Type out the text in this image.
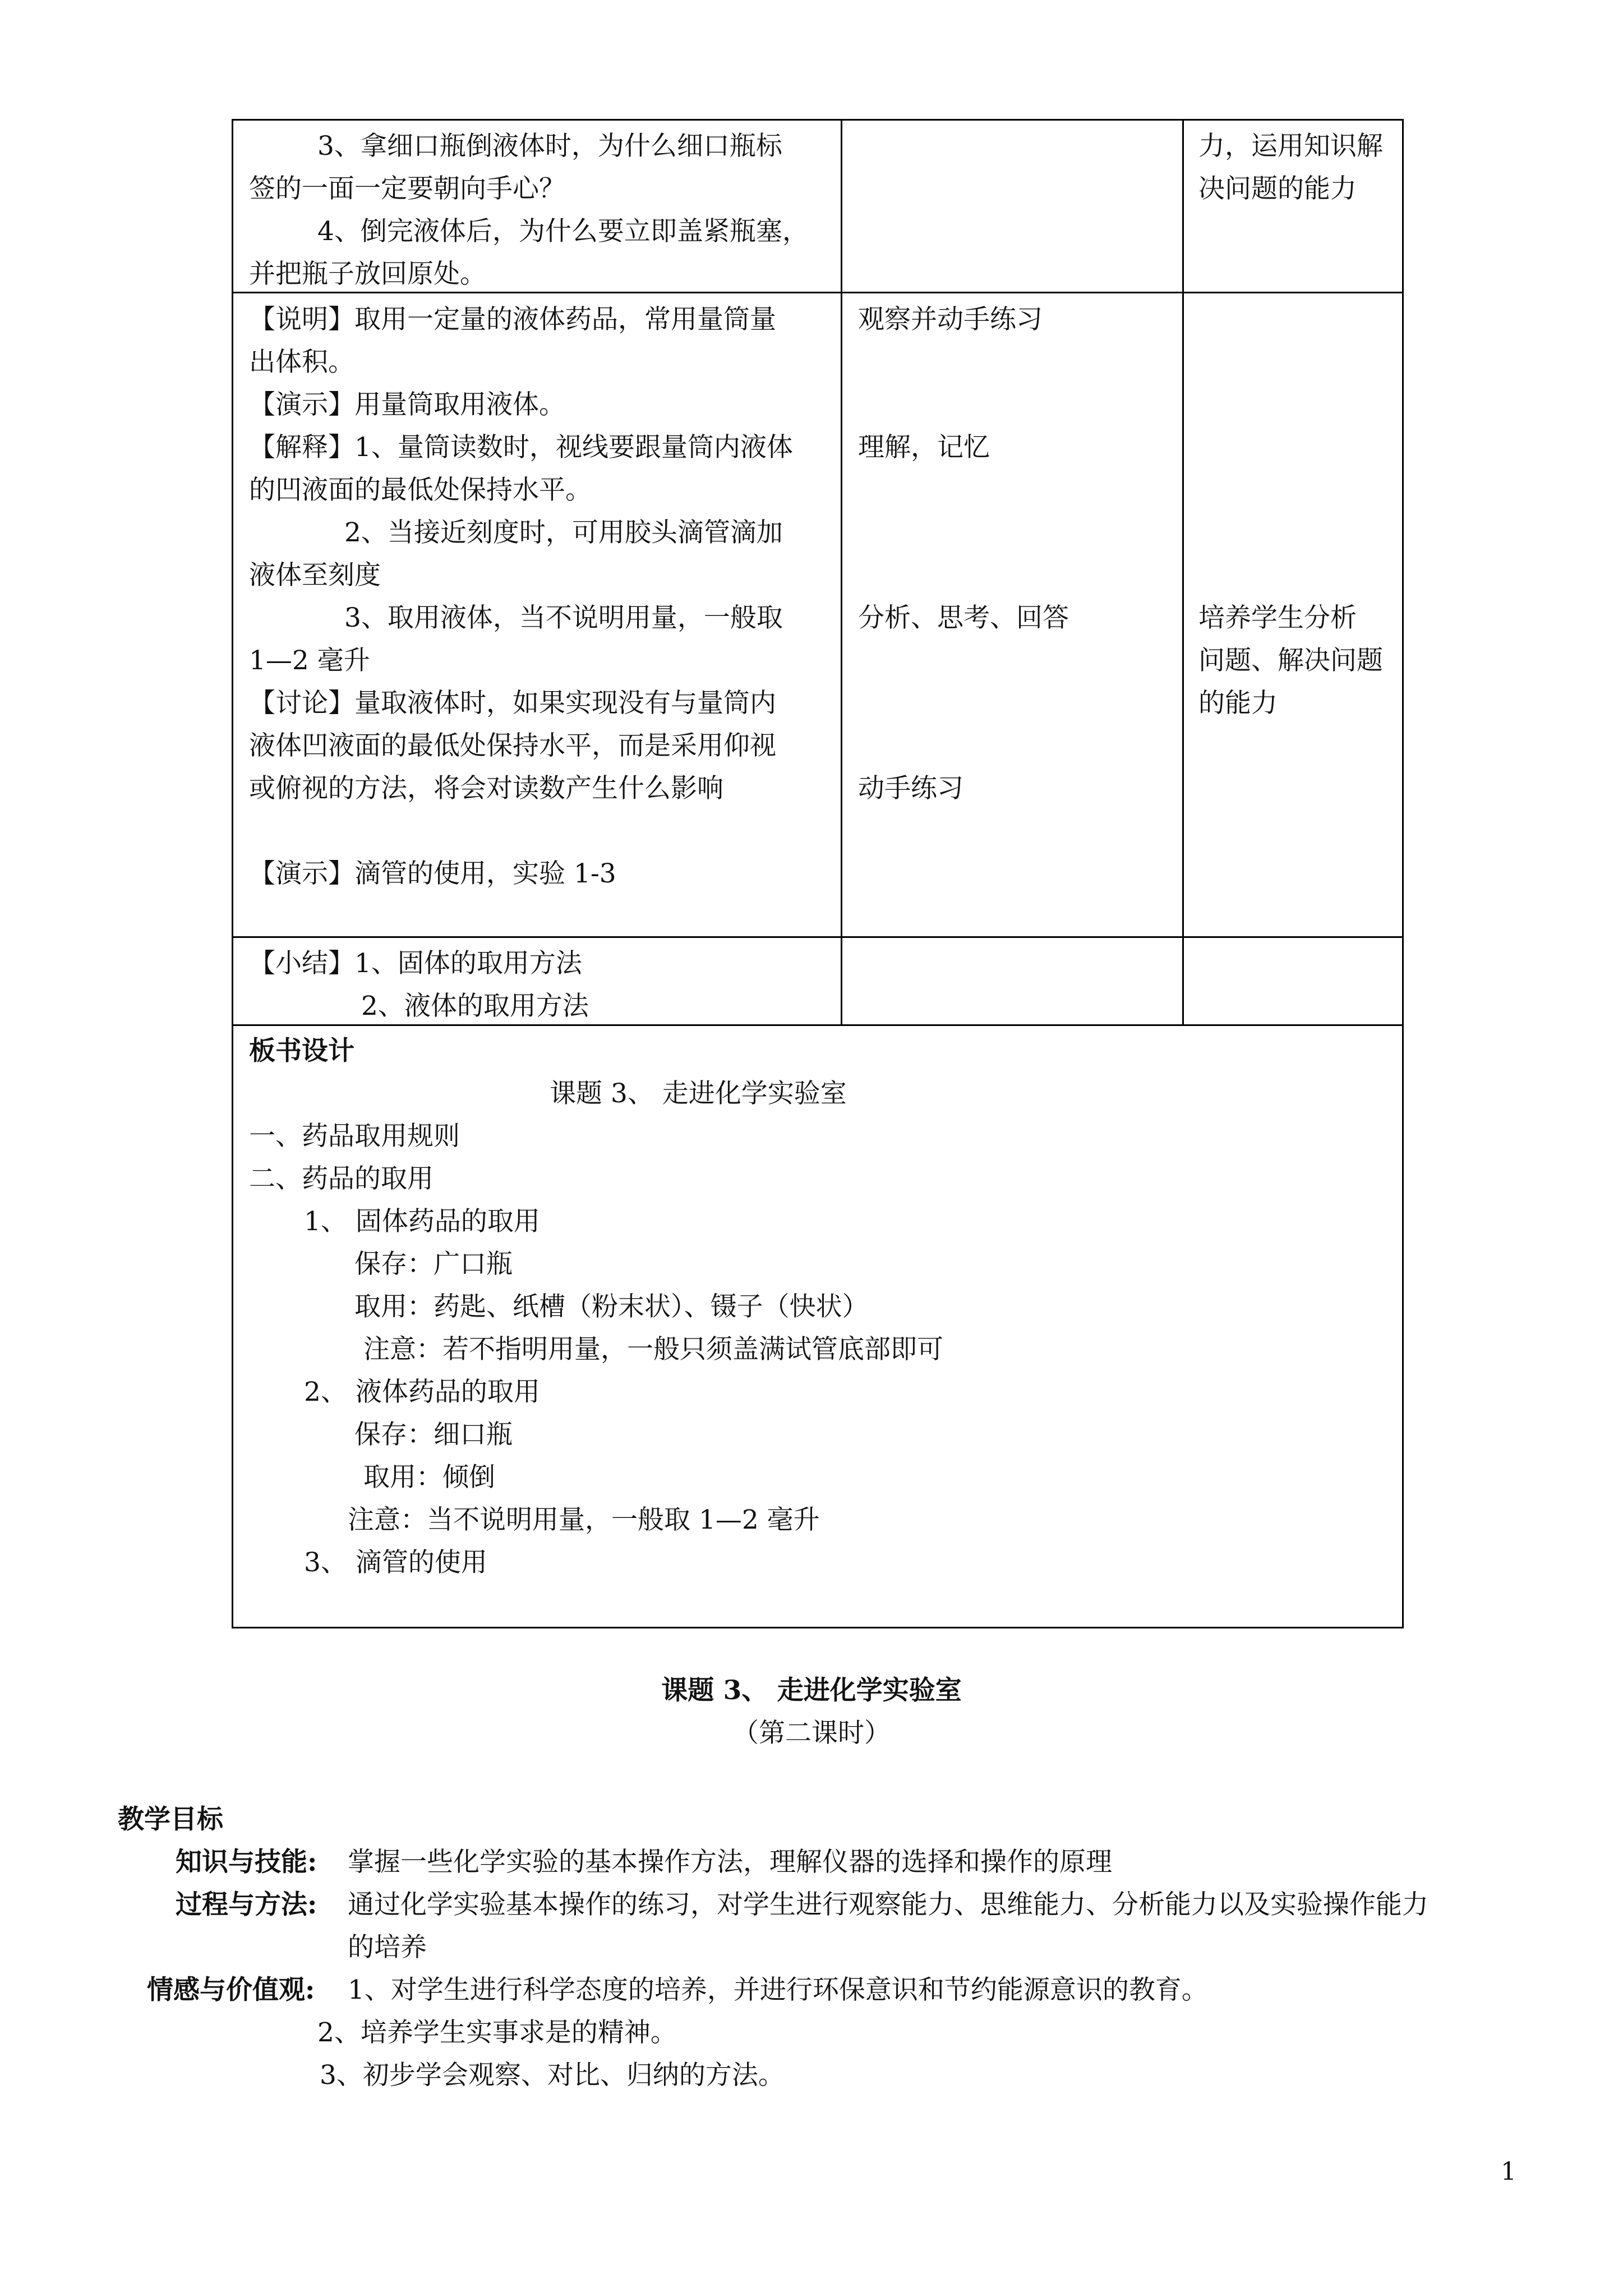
3、拿细口瓶倒液体时，为什么细口瓶标
签的一面一定要朝向手心？
4、倒完液体后，为什么要立即盖紧瓶塞，
并把瓶子放回原处。
力，运用知识解
决问题的能力
【说明】取用一定量的液体药品，常用量筒量
出体积。
【演示】用量筒取用液体。
【解释】1、量筒读数时，视线要跟量筒内液体
的凹液面的最低处保持水平。
2、当接近刻度时，可用胶头滴管滴加
液体至刻度
3、取用液体，当不说明用量，一般取
1—2 毫升
【讨论】量取液体时，如果实现没有与量筒内
液体凹液面的最低处保持水平，而是采用仰视
或俯视的方法，将会对读数产生什么影响
【演示】滴管的使用，实验 1-3
观察并动手练习
理解，记忆
分析、思考、回答
动手练习
培养学生分析
问题、解决问题
的能力
【小结】1、固体的取用方法
2、液体的取用方法
板书设计
课题 3、 走进化学实验室
一、药品取用规则
二、药品的取用
1、 固体药品的取用
保存：广口瓶
取用：药匙、纸槽（粉末状）、镊子（快状）
注意：若不指明用量，一般只须盖满试管底部即可
2、 液体药品的取用
保存：细口瓶
取用：倾倒
注意：当不说明用量，一般取 1—2 毫升
3、 滴管的使用
课题 3、 走进化学实验室
（第二课时）
教学目标
知识与技能: 掌握一些化学实验的基本操作方法，理解仪器的选择和操作的原理
过程与方法: 通过化学实验基本操作的练习，对学生进行观察能力、思维能力、分析能力以及实验操作能力
的培养
情感与价值观: 1、对学生进行科学态度的培养，并进行环保意识和节约能源意识的教育。
2、培养学生实事求是的精神。
3、初步学会观察、对比、归纳的方法。
1
